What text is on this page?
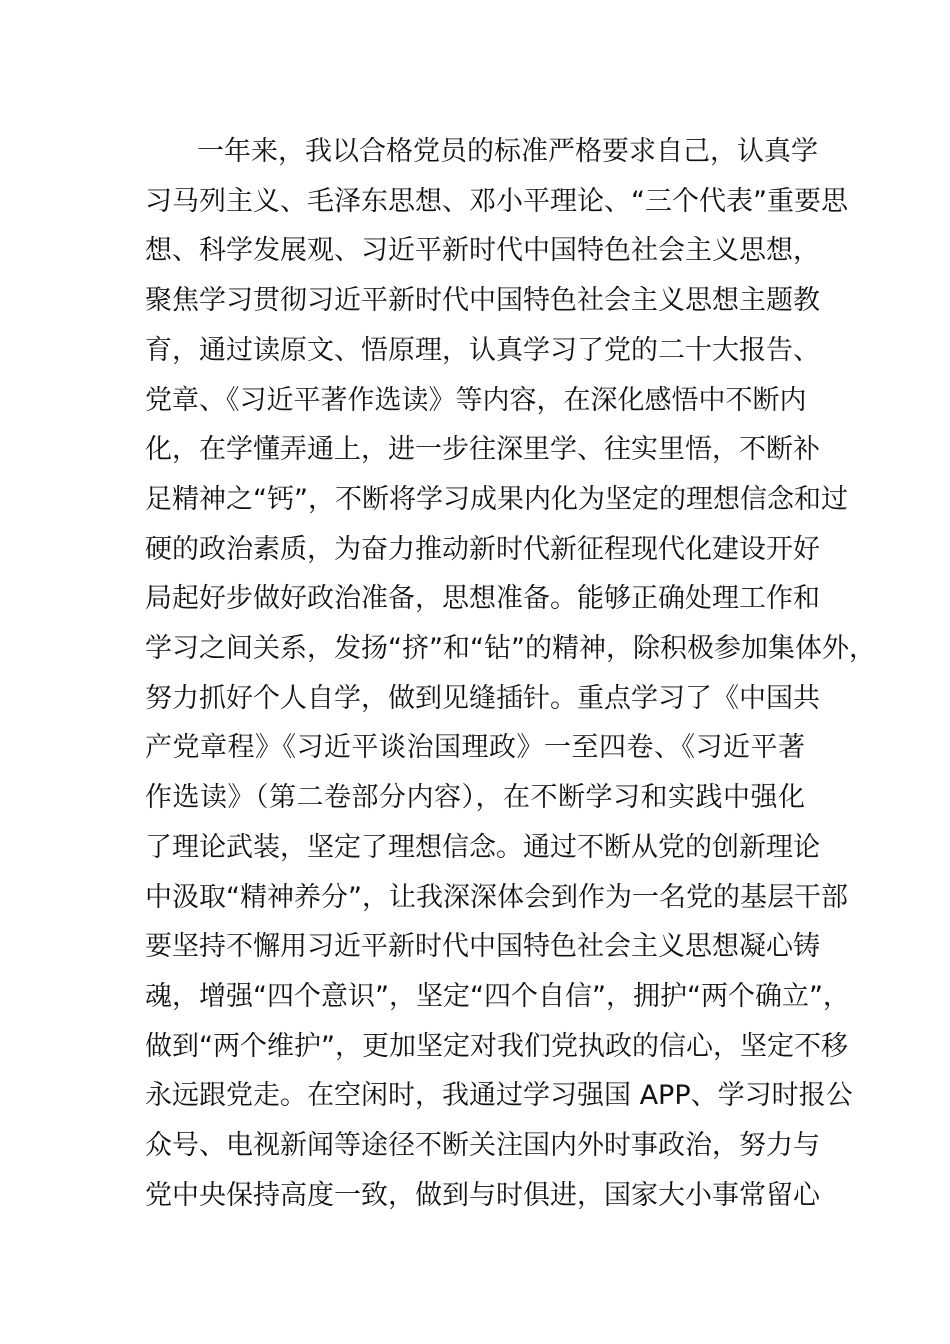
一年来，我以合格党员的标准严格要求自己，认真学
习马列主义、毛泽东思想、邓小平理论、“三个代表”重要思
想、科学发展观、习近平新时代中国特色社会主义思想，
聚焦学习贯彻习近平新时代中国特色社会主义思想主题教
育，通过读原文、悟原理，认真学习了党的二十大报告、
党章、《习近平著作选读》等内容，在深化感悟中不断内
化，在学懂弄通上，进一步往深里学、往实里悟，不断补
足精神之“钙”，不断将学习成果内化为坚定的理想信念和过
硬的政治素质，为奋力推动新时代新征程现代化建设开好
局起好步做好政治准备，思想准备。能够正确处理工作和
学习之间关系，发扬“挤”和“钻”的精神，除积极参加集体外，
努力抓好个人自学，做到见缝插针。重点学习了《中国共
产党章程》《习近平谈治国理政》一至四卷、《习近平著
作选读》（第二卷部分内容），在不断学习和实践中强化
了理论武装，坚定了理想信念。通过不断从党的创新理论
中汲取“精神养分”，让我深深体会到作为一名党的基层干部
要坚持不懈用习近平新时代中国特色社会主义思想凝心铸
魂，增强“四个意识”，坚定“四个自信”，拥护“两个确立”，
做到“两个维护”，更加坚定对我们党执政的信心，坚定不移
永远跟党走。在空闲时，我通过学习强国 APP、学习时报公
众号、电视新闻等途径不断关注国内外时事政治，努力与
党中央保持高度一致，做到与时俱进，国家大小事常留心
